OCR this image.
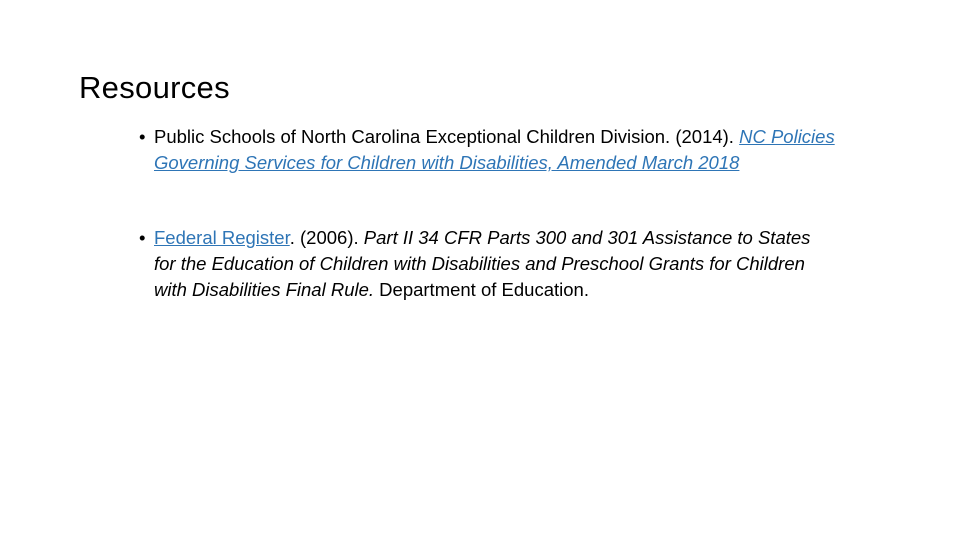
Resources
• Public Schools of North Carolina Exceptional Children Division. (2014). NC Policies Governing Services for Children with Disabilities, Amended March 2018
• Federal Register. (2006). Part II 34 CFR Parts 300 and 301 Assistance to States for the Education of Children with Disabilities and Preschool Grants for Children with Disabilities Final Rule. Department of Education.
